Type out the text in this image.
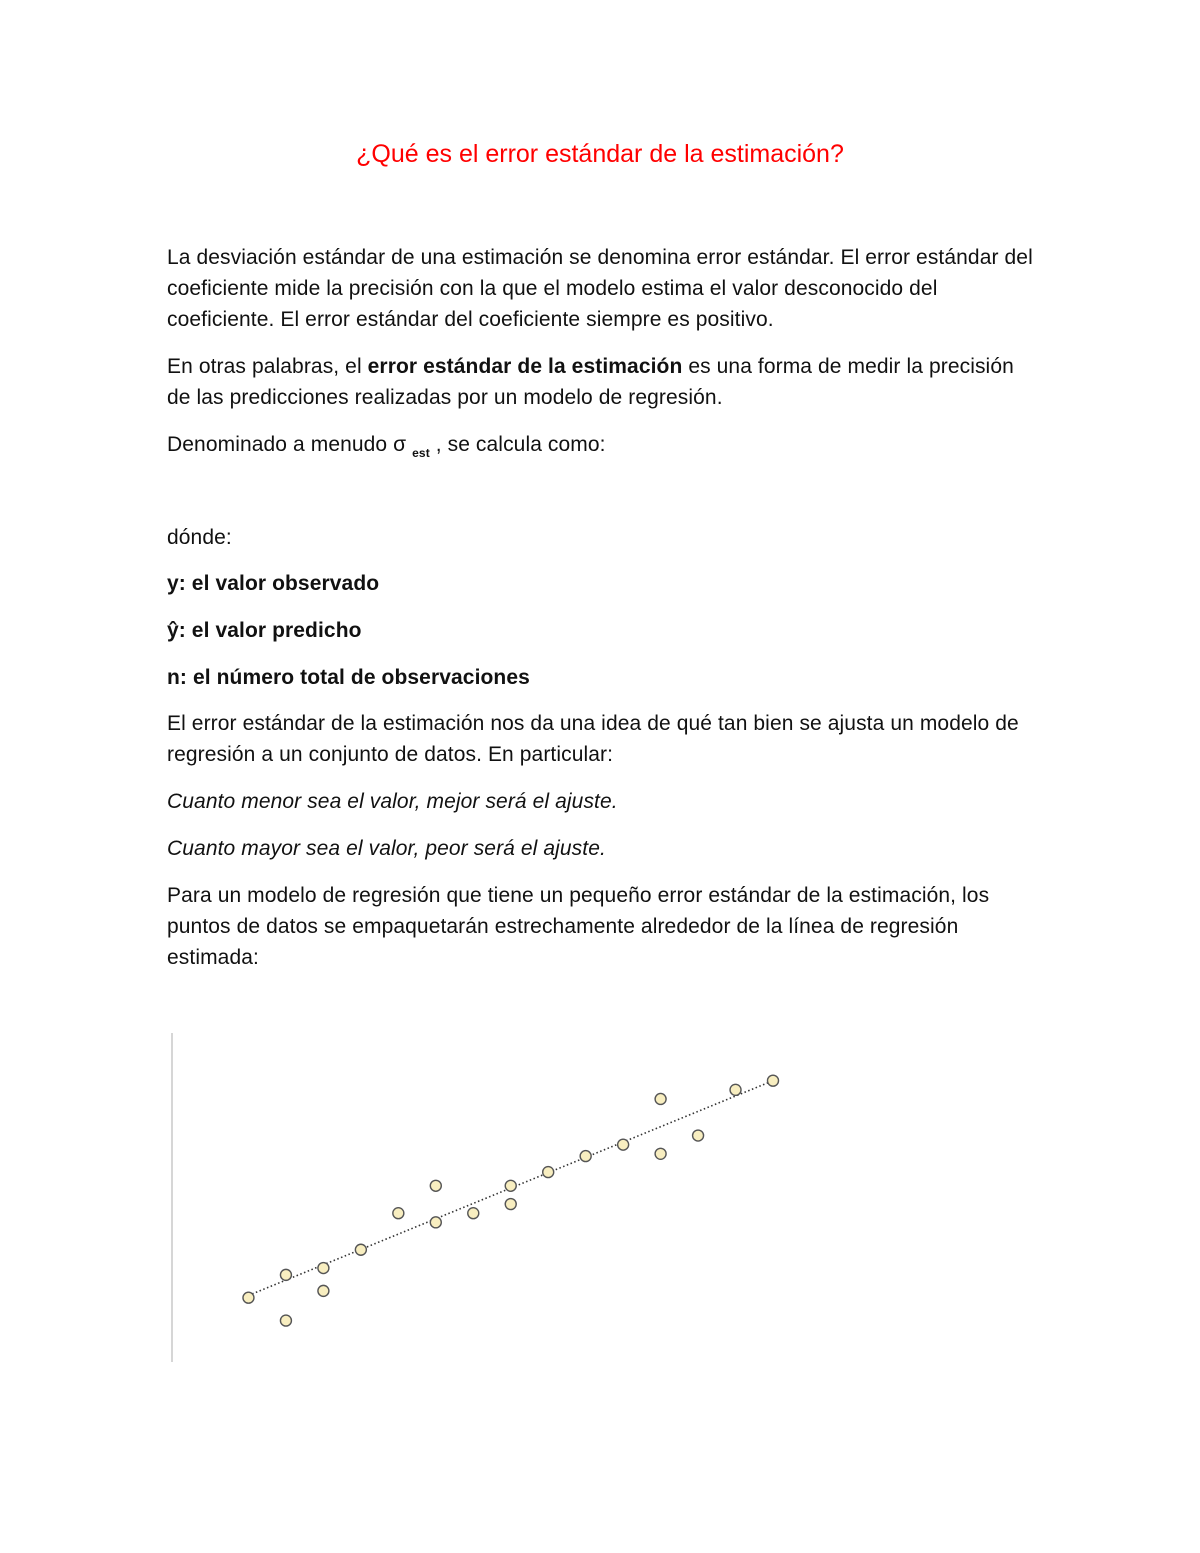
¿Qué es el error estándar de la estimación?

La desviación estándar de una estimación se denomina error estándar. El error estándar del coeficiente mide la precisión con la que el modelo estima el valor desconocido del coeficiente. El error estándar del coeficiente siempre es positivo.

En otras palabras, el error estándar de la estimación es una forma de medir la precisión de las predicciones realizadas por un modelo de regresión.

Denominado a menudo σ $_{est}$ , se calcula como:

dónde:

y: el valor observado

ŷ: el valor predicho

n: el número total de observaciones

El error estándar de la estimación nos da una idea de qué tan bien se ajusta un modelo de regresión a un conjunto de datos. En particular:

Cuanto menor sea el valor, mejor será el ajuste.

Cuanto mayor sea el valor, peor será el ajuste.

Para un modelo de regresión que tiene un pequeño error estándar de la estimación, los puntos de datos se empaquetarán estrechamente alrededor de la línea de regresión estimada:
